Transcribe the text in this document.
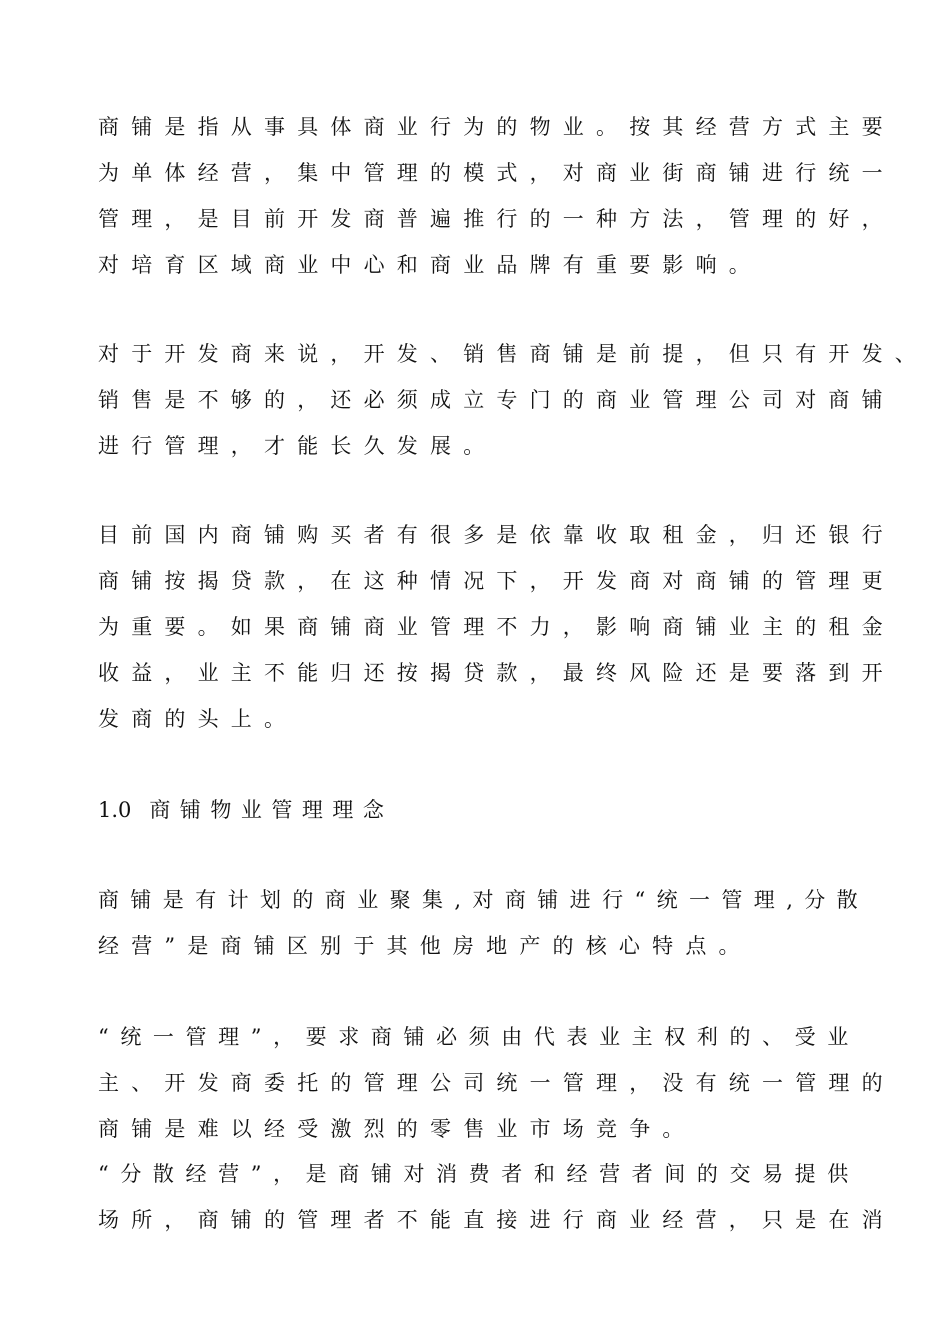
商铺是指从事具体商业行为的物业。按其经营方式主要
为单体经营，集中管理的模式，对商业街商铺进行统一
管理，是目前开发商普遍推行的一种方法，管理的好，
对培育区域商业中心和商业品牌有重要影响。
对于开发商来说，开发、销售商铺是前提，但只有开发、
销售是不够的，还必须成立专门的商业管理公司对商铺
进行管理，才能长久发展。
目前国内商铺购买者有很多是依靠收取租金，归还银行
商铺按揭贷款，在这种情况下，开发商对商铺的管理更
为重要。如果商铺商业管理不力，影响商铺业主的租金
收益，业主不能归还按揭贷款，最终风险还是要落到开
发商的头上。
1.0 商铺物业管理理念
商铺是有计划的商业聚集,对商铺进行“统一管理,分散
经营”是商铺区别于其他房地产的核心特点。
“统一管理”，要求商铺必须由代表业主权利的、受业
主、开发商委托的管理公司统一管理，没有统一管理的
商铺是难以经受激烈的零售业市场竞争。
“分散经营”，是商铺对消费者和经营者间的交易提供
场所，商铺的管理者不能直接进行商业经营，只是在消
